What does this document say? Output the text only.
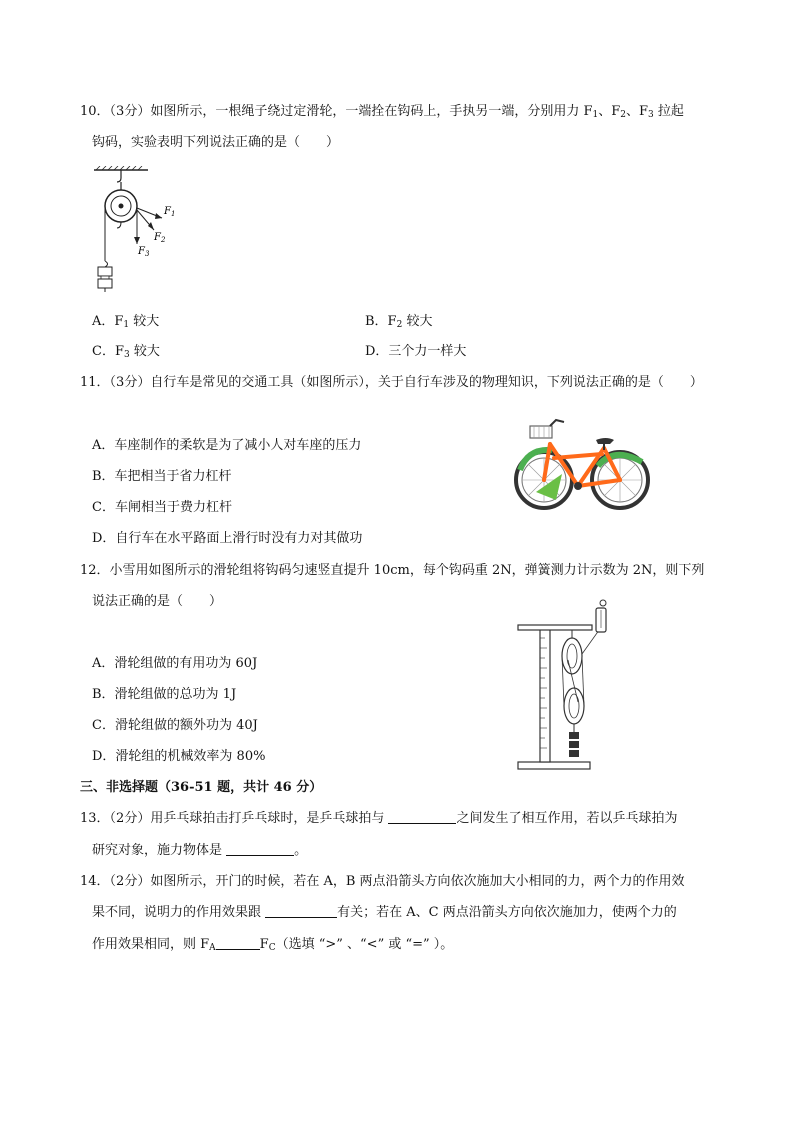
10．（3分）如图所示，一根绳子绕过定滑轮，一端拴在钩码上，手执另一端，分别用力 $F_1$、$F_2$、$F_3$ 拉起
钩码，实验表明下列说法正确的是（　　）
$F_1$
$F_2$
$F_3$
A．$F_1$ 较大	B．$F_2$ 较大
C．$F_3$ 较大	D．三个力一样大
11．（3分）自行车是常见的交通工具（如图所示），关于自行车涉及的物理知识，下列说法正确的是（　　）
A．车座制作的柔软是为了减小人对车座的压力
B．车把相当于省力杠杆
C．车闸相当于费力杠杆
D．自行车在水平路面上滑行时没有力对其做功
12．小雪用如图所示的滑轮组将钩码匀速竖直提升 10cm，每个钩码重 2N，弹簧测力计示数为 2N，则下列
说法正确的是（　　）
A．滑轮组做的有用功为 60J
B．滑轮组做的总功为 1J
C．滑轮组做的额外功为 40J
D．滑轮组的机械效率为 80%
三、非选择题（36-51 题，共计 46 分）
13．（2分）用乒乓球拍击打乒乓球时，是乒乓球拍与	之间发生了相互作用，若以乒乓球拍为
研究对象，施力物体是	。
14．（2分）如图所示，开门的时候，若在 A，B 两点沿箭头方向依次施加大小相同的力，两个力的作用效
果不同，说明力的作用效果跟	有关；若在 A、C 两点沿箭头方向依次施加力，使两个力的
作用效果相同，则 $F_A$	$F_C$（选填 “>” 、“<” 或 “=” ）。
